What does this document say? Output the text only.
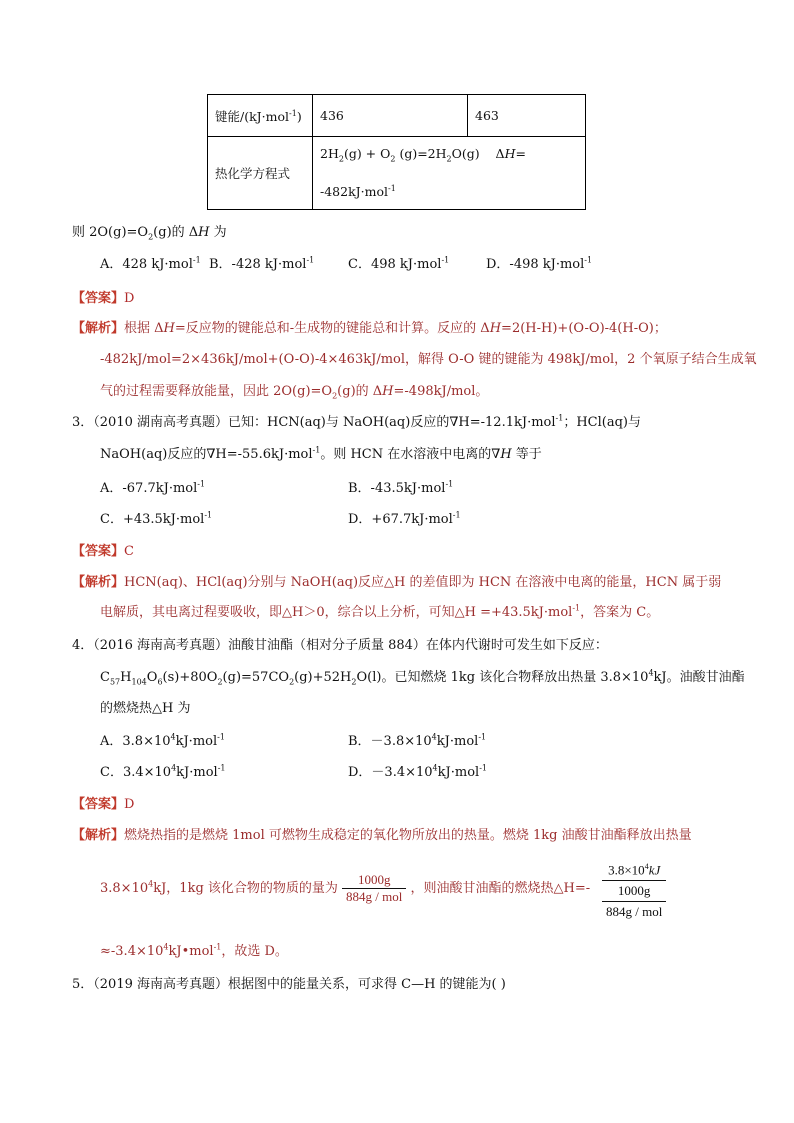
键能/(kJ·mol$^{-1}$)	436	463
热化学方程式	$2H_2(g) + O_2$ $(g)=2H_2O(g)$    ΔH=
-482kJ·mol$^{-1}$
则 $2O(g)=O_2(g)$的 ΔH 为
A．428 kJ·mol$^{-1}$ B．-428 kJ·mol$^{-1}$	C．498 kJ·mol$^{-1}$	D．-498 kJ·mol$^{-1}$
【答案】D
【解析】根据 ΔH=反应物的键能总和-生成物的键能总和计算。反应的 ΔH=2(H-H)+(O-O)-4(H-O)；
-482kJ/mol=2×436kJ/mol+(O-O)-4×463kJ/mol，解得 O-O 键的键能为 498kJ/mol，2 个氧原子结合生成氧
气的过程需要释放能量，因此 $2O(g)=O_2(g)$的 ΔH=-498kJ/mol。
3．（2010 湖南高考真题）已知：HCN(aq)与 NaOH(aq)反应的∇H=-12.1kJ·mol$^{-1}$；HCl(aq)与
NaOH(aq)反应的∇H=-55.6kJ·mol$^{-1}$。则 HCN 在水溶液中电离的∇H 等于
A．-67.7kJ·mol$^{-1}$	B．-43.5kJ·mol$^{-1}$
C．+43.5kJ·mol$^{-1}$	D．+67.7kJ·mol$^{-1}$
【答案】C
【解析】HCN(aq)、HCl(aq)分别与 NaOH(aq)反应△H 的差值即为 HCN 在溶液中电离的能量，HCN 属于弱
电解质，其电离过程要吸收，即△H＞0，综合以上分析，可知△H =+43.5kJ·mol$^{-1}$，答案为 C。
4．（2016 海南高考真题）油酸甘油酯（相对分子质量 884）在体内代谢时可发生如下反应：
$C_{57}H_{104}O_6(s)+80O_2(g)=57CO_2(g)+52H_2O(l)$。已知燃烧 1kg 该化合物释放出热量 $3.8\times 10^4kJ$。油酸甘油酯
的燃烧热△H 为
A．$3.8\times 10^4kJ\cdot mol^{-1}$	B．$-3.8\times 10^4kJ\cdot mol^{-1}$
C．$3.4\times 10^4kJ\cdot mol^{-1}$	D．$-3.4\times 10^4kJ\cdot mol^{-1}$
【答案】D
【解析】燃烧热指的是燃烧 1mol 可燃物生成稳定的氧化物所放出的热量。燃烧 1kg 油酸甘油酯释放出热量
$3.8\times 10^4kJ$，1kg 该化合物的物质的量为 $\frac{1000g}{\text{884g / mol}}$ ，则油酸甘油酯的燃烧热△H=-
$3.8\times 10^4kJ$
1000g
884g / mol
$\approx-3.4\times 10^4kJ•mol^{-1}$，故选 D。
5．（2019 海南高考真题）根据图中的能量关系，可求得 C—H 的键能为( )
